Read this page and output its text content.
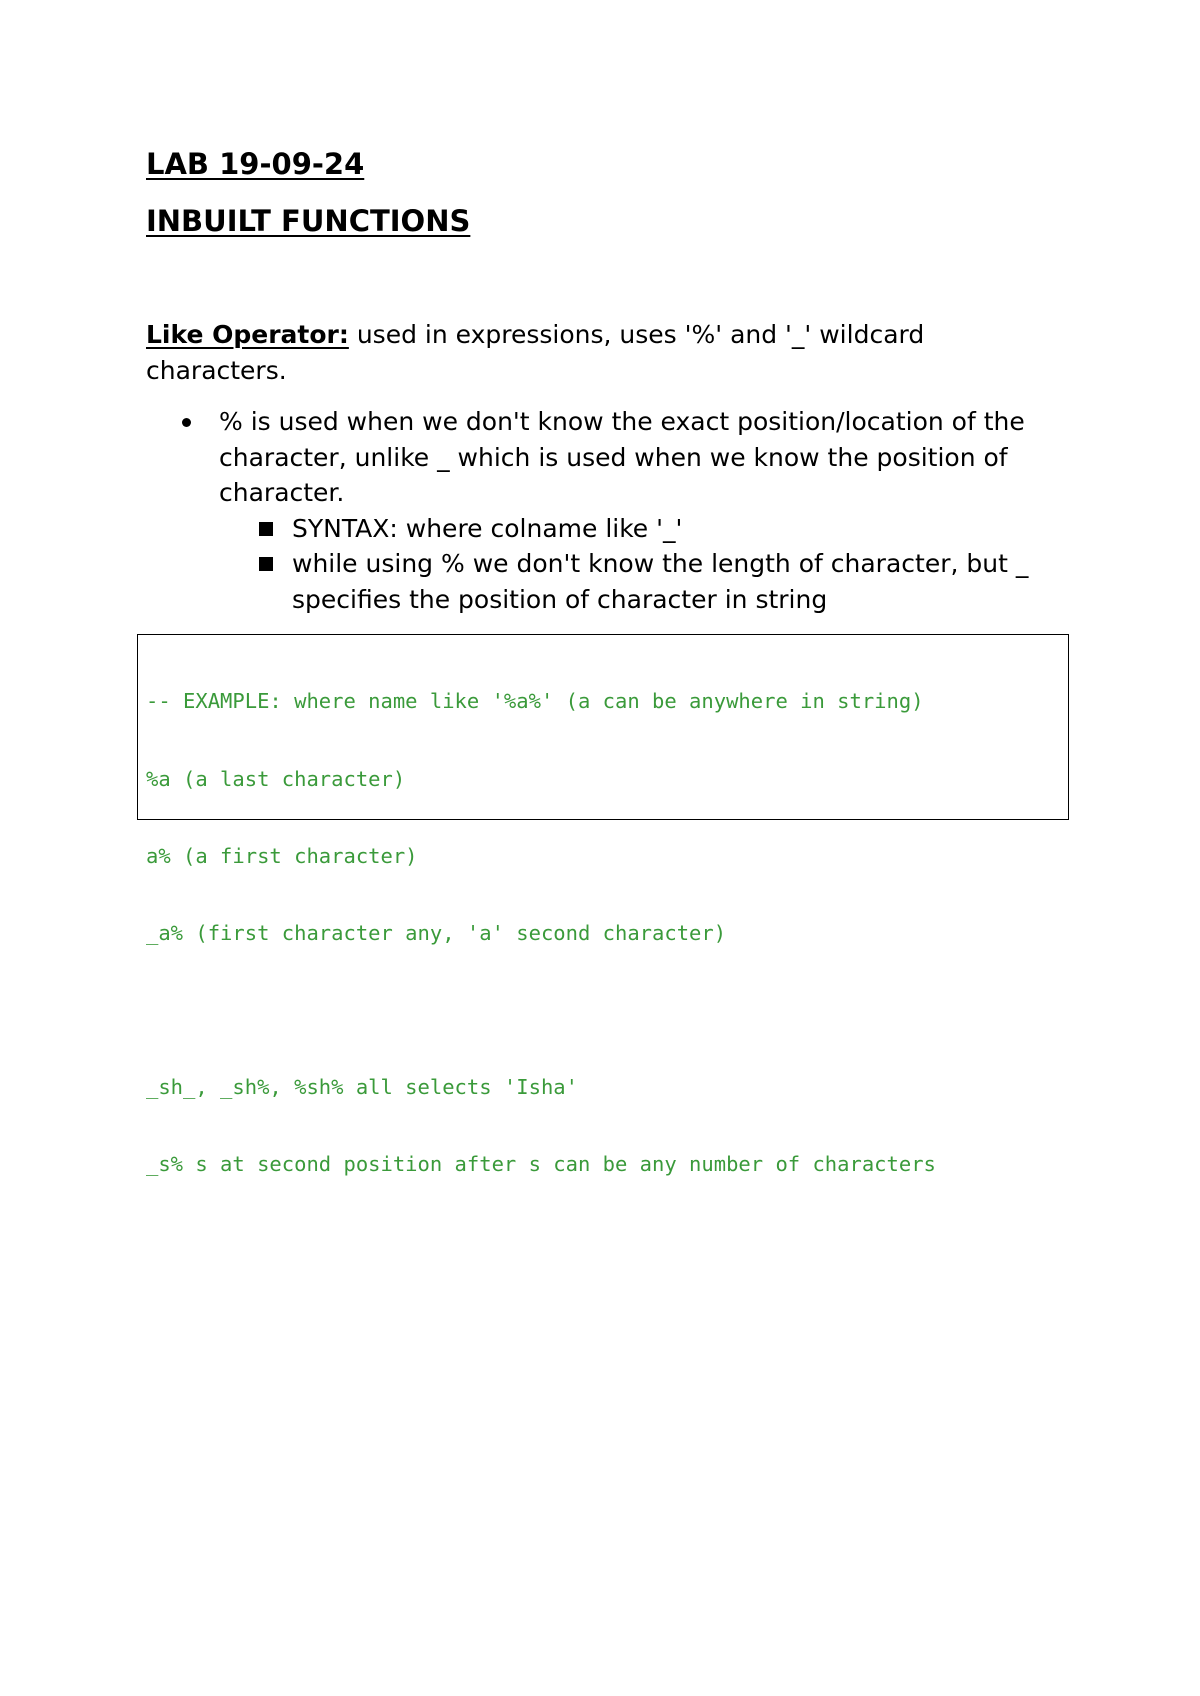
LAB 19-09-24
INBUILT FUNCTIONS

Like Operator: used in expressions, uses '%' and '_' wildcard characters.

% is used when we don't know the exact position/location of the character, unlike _ which is used when we know the position of character.
SYNTAX: where colname like '_'
while using % we don't know the length of character, but _ specifies the position of character in string

-- EXAMPLE: where name like '%a%' (a can be anywhere in string)

%a (a last character)

a% (a first character)

_a% (first character any, 'a' second character)

_sh_, _sh%, %sh% all selects 'Isha'

_s% s at second position after s can be any number of characters
